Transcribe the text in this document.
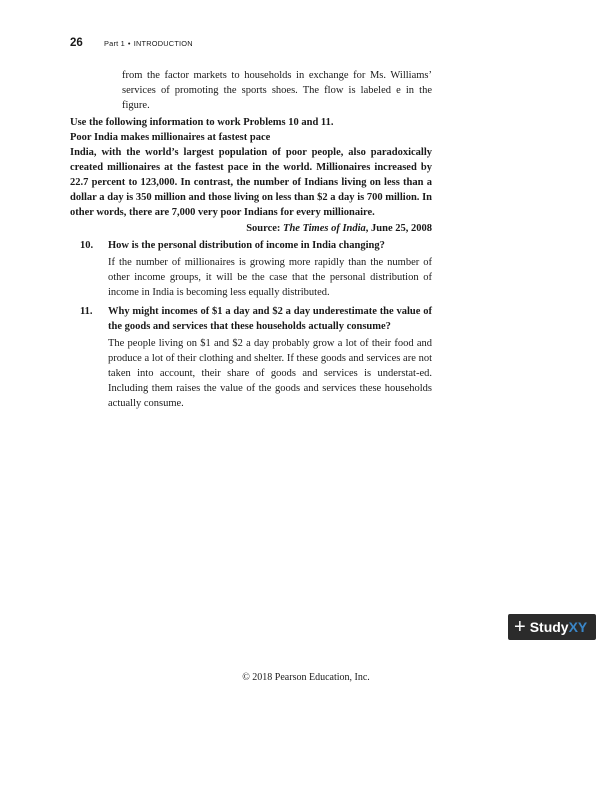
26	Part 1 • INTRODUCTION

from the factor markets to households in exchange for Ms. Williams’ services of promoting the sports shoes. The flow is labeled e in the figure.

Use the following information to work Problems 10 and 11.

Poor India makes millionaires at fastest pace

India, with the world’s largest population of poor people, also paradoxically created millionaires at the fastest pace in the world. Millionaires increased by 22.7 percent to 123,000. In contrast, the number of Indians living on less than a dollar a day is 350 million and those living on less than $2 a day is 700 million. In other words, there are 7,000 very poor Indians for every millionaire.

Source: The Times of India, June 25, 2008
10.	How is the personal distribution of income in India changing?

If the number of millionaires is growing more rapidly than the number of other income groups, it will be the case that the personal distribution of income in India is becoming less equally distributed.

11.	Why might incomes of $1 a day and $2 a day underestimate the value of the goods and services that these households actually consume?

The people living on $1 and $2 a day probably grow a lot of their food and produce a lot of their clothing and shelter. If these goods and services are not taken into account, their share of goods and services is understat-ed. Including them raises the value of the goods and services these households actually consume.

+ Study XY
© 2018 Pearson Education, Inc.
